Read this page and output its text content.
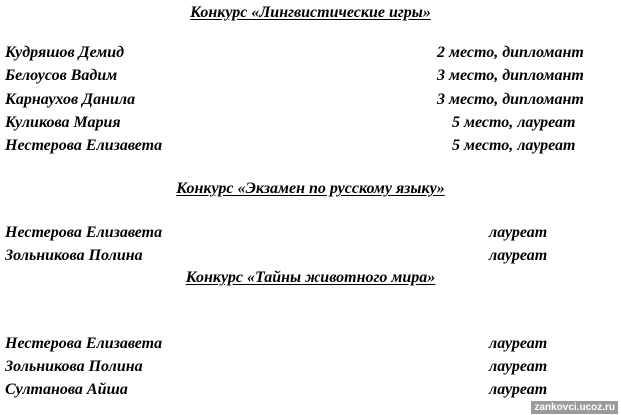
Конкурс «Лингвистические игры»
Кудряшов Демид	2 место, дипломант
Белоусов Вадим	3 место, дипломант
Карнаухов Данила	3 место, дипломант
Куликова Мария	5 место, лауреат
Нестерова Елизавета	5 место, лауреат
Конкурс «Экзамен по русскому языку»
Нестерова Елизавета	лауреат
Зольникова Полина	лауреат
Конкурс «Тайны животного мира»
Нестерова Елизавета	лауреат
Зольникова Полина	лауреат
Султанова Айша	лауреат
zankovci.ucoz.ru
